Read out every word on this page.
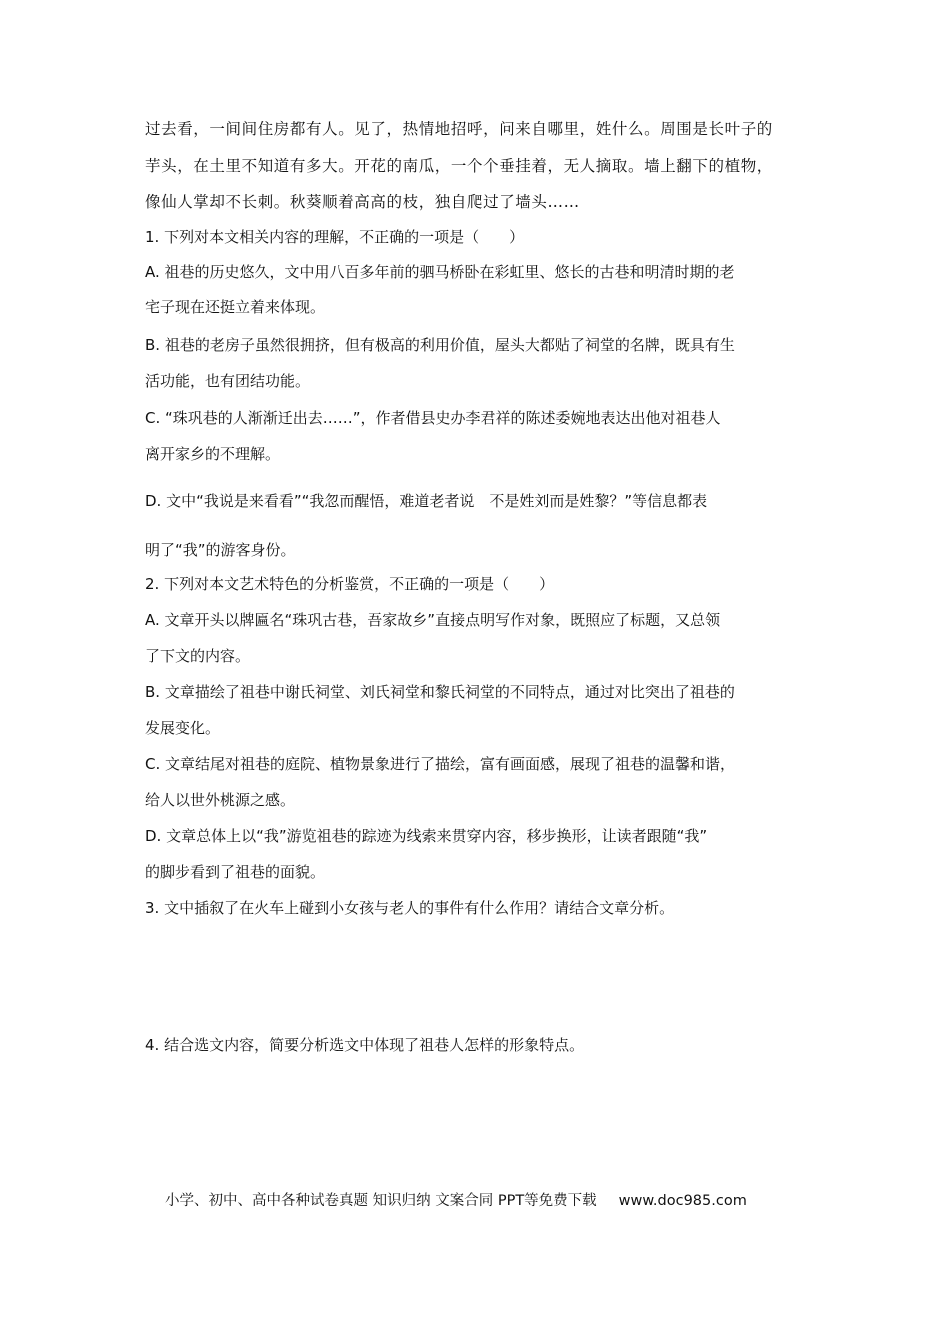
过去看，一间间住房都有人。见了，热情地招呼，问来自哪里，姓什么。周围是长叶子的
芋头，在土里不知道有多大。开花的南瓜，一个个垂挂着，无人摘取。墙上翻下的植物，
像仙人掌却不长刺。秋葵顺着高高的枝，独自爬过了墙头……
1. 下列对本文相关内容的理解，不正确的一项是（　　）
A. 祖巷的历史悠久，文中用八百多年前的驷马桥卧在彩虹里、悠长的古巷和明清时期的老
宅子现在还挺立着来体现。
B. 祖巷的老房子虽然很拥挤，但有极高的利用价值，屋头大都贴了祠堂的名牌，既具有生
活功能，也有团结功能。
C. “珠巩巷的人渐渐迁出去……”，作者借县史办李君祥的陈述委婉地表达出他对祖巷人
离开家乡的不理解。
D. 文中“我说是来看看”“我忽而醒悟，难道老者说　不是姓刘而是姓黎？”等信息都表
明了“我”的游客身份。
2. 下列对本文艺术特色的分析鉴赏，不正确的一项是（　　）
A. 文章开头以牌匾名“珠巩古巷，吾家故乡”直接点明写作对象，既照应了标题，又总领
了下文的内容。
B. 文章描绘了祖巷中谢氏祠堂、刘氏祠堂和黎氏祠堂的不同特点，通过对比突出了祖巷的
发展变化。
C. 文章结尾对祖巷的庭院、植物景象进行了描绘，富有画面感，展现了祖巷的温馨和谐，
给人以世外桃源之感。
D. 文章总体上以“我”游览祖巷的踪迹为线索来贯穿内容，移步换形，让读者跟随“我”
的脚步看到了祖巷的面貌。
3. 文中插叙了在火车上碰到小女孩与老人的事件有什么作用？请结合文章分析。
4. 结合选文内容，简要分析选文中体现了祖巷人怎样的形象特点。
小学、初中、高中各种试卷真题 知识归纳 文案合同 PPT等免费下载 www.doc985.com
